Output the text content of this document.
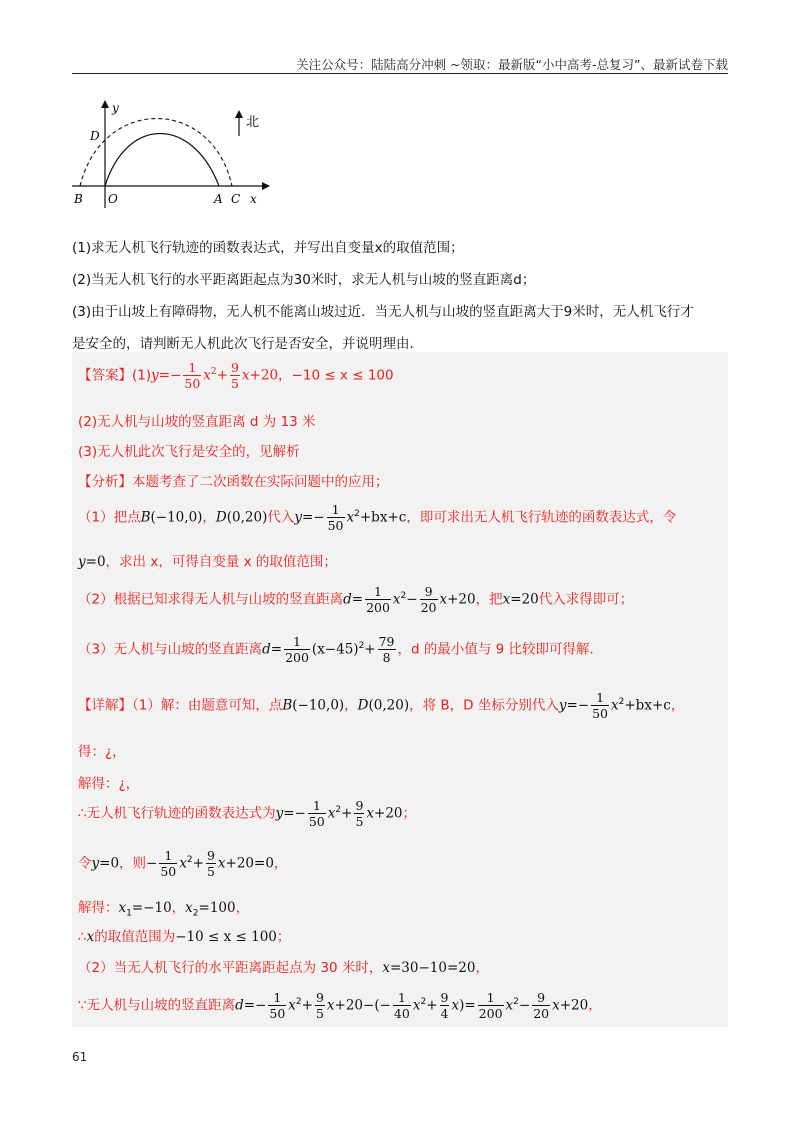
关注公众号：陆陆高分冲刺 ~领取：最新版“小中高考-总复习”、最新试卷下载
y
D
B O	A C x
北

(1)求无人机飞行轨迹的函数表达式，并写出自变量x的取值范围；

(2)当无人机飞行的水平距离距起点为30米时，求无人机与山坡的竖直距离d；

(3)由于山坡上有障碍物，无人机不能离山坡过近．当无人机与山坡的竖直距离大于9米时，无人机飞行才

是安全的，请判断无人机此次飞行是否安全，并说明理由．

【答案】$(1)y=- \frac{1}{50} x^2+ \frac{9}{5} x+20$，−10 ≤ x ≤ 100
(2)无人机与山坡的竖直距离 d 为 13 米
(3)无人机此次飞行是安全的，见解析
【分析】本题考查了二次函数在实际问题中的应用；
（1）把点B(−10,0)，D(0,20)代入$y=- \frac{1}{50} x^2+bx+c$，即可求出无人机飞行轨迹的函数表达式，令
y=0，求出 x，可得自变量 x 的取值范围；
（2）根据已知求得无人机与山坡的竖直距离$d= \frac{1}{200} x^2- \frac{9}{20} x+20$，把x=20代入求得即可；
（3）无人机与山坡的竖直距离$d= \frac{1}{200} (x-45)^2+ \frac{79}{8}$ ，d 的最小值与 9 比较即可得解．
【详解】（1）解：由题意可知，点B(−10,0)，D(0,20)，将 B，D 坐标分别代入$y=- \frac{1}{50} x^2+bx+c$，
得：¿，
解得：¿，
∴无人机飞行轨迹的函数表达式为$y=- \frac{1}{50} x^2+ \frac{9}{5} x+20$；
令y=0，则− $\frac{1}{50} x^2+ \frac{9}{5} x+20=0$，
解得：$x_1=-10$，$x_2=100$，
∴x的取值范围为−10 ≤ x ≤ 100；
（2）当无人机飞行的水平距离距起点为 30 米时，x=30−10=20，
∵无人机与山坡的竖直距离$d=- \frac{1}{50} x^2+ \frac{9}{5} x+20-(- \frac{1}{40} x^2+ \frac{9}{4} x)= \frac{1}{200} x^2- \frac{9}{20} x+20$，
61
